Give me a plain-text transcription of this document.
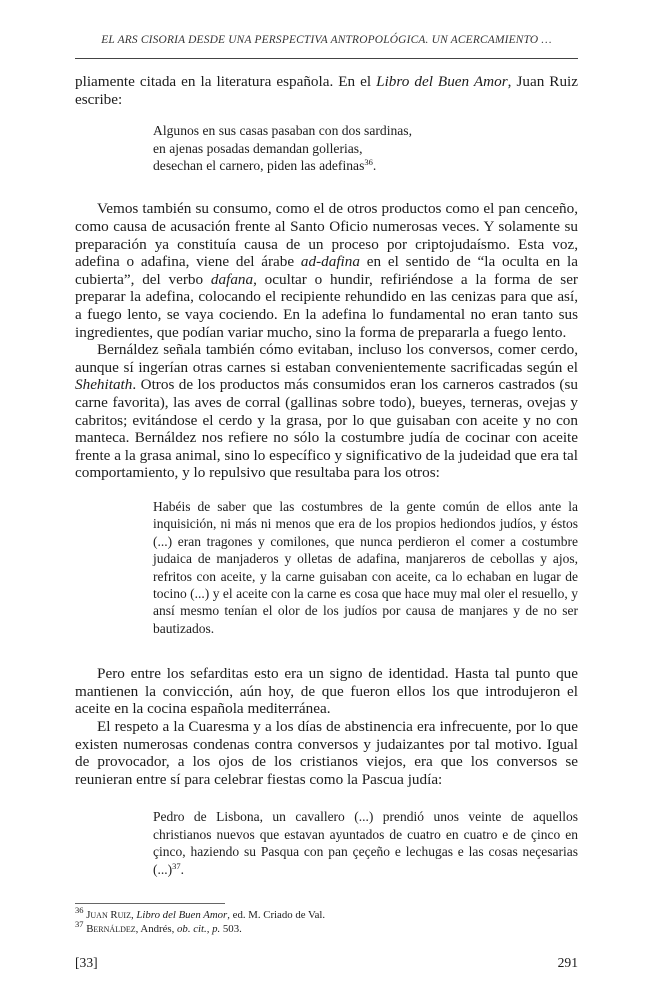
EL ARS CISORIA DESDE UNA PERSPECTIVA ANTROPOLÓGICA. UN ACERCAMIENTO …

pliamente citada en la literatura española. En el Libro del Buen Amor, Juan Ruiz escribe:

Algunos en sus casas pasaban con dos sardinas,
en ajenas posadas demandan gollerias,
desechan el carnero, piden las adefinas$^{36}$.

Vemos también su consumo, como el de otros productos como el pan cenceño, como causa de acusación frente al Santo Oficio numerosas veces. Y solamente su preparación ya constituía causa de un proceso por criptojudaísmo. Esta voz, adefina o adafina, viene del árabe ad-dafina en el sentido de “la oculta en la cubierta”, del verbo dafana, ocultar o hundir, refiriéndose a la forma de ser preparar la adefina, colocando el recipiente rehundido en las cenizas para que así, a fuego lento, se vaya cociendo. En la adefina lo fundamental no eran tanto sus ingredientes, que podían variar mucho, sino la forma de prepararla a fuego lento.

Bernáldez señala también cómo evitaban, incluso los conversos, comer cerdo, aunque sí ingerían otras carnes si estaban convenientemente sacrificadas según el Shehitath. Otros de los productos más consumidos eran los carneros castrados (su carne favorita), las aves de corral (gallinas sobre todo), bueyes, terneras, ovejas y cabritos; evitándose el cerdo y la grasa, por lo que guisaban con aceite y no con manteca. Bernáldez nos refiere no sólo la costumbre judía de cocinar con aceite frente a la grasa animal, sino lo específico y significativo de la judeidad que era tal comportamiento, y lo repulsivo que resultaba para los otros:

Habéis de saber que las costumbres de la gente común de ellos ante la inquisición, ni más ni menos que era de los propios hediondos judíos, y éstos (...) eran tragones y comilones, que nunca perdieron el comer a costumbre judaica de manjaderos y olletas de adafina, manjareros de cebollas y ajos, refritos con aceite, y la carne guisaban con aceite, ca lo echaban en lugar de tocino (...) y el aceite con la carne es cosa que hace muy mal oler el resuello, y ansí mesmo tenían el olor de los judíos por causa de manjares y de no ser bautizados.

Pero entre los sefarditas esto era un signo de identidad. Hasta tal punto que mantienen la convicción, aún hoy, de que fueron ellos los que introdujeron el aceite en la cocina española mediterránea.

El respeto a la Cuaresma y a los días de abstinencia era infrecuente, por lo que existen numerosas condenas contra conversos y judaizantes por tal motivo. Igual de provocador, a los ojos de los cristianos viejos, era que los conversos se reunieran entre sí para celebrar fiestas como la Pascua judía:

Pedro de Lisbona, un cavallero (...) prendió unos veinte de aquellos christianos nuevos que estavan ayuntados de cuatro en cuatro e de çinco en çinco, haziendo su Pasqua con pan çeçeño e lechugas e las cosas neçesarias (...)$^{37}$.
$^{36}$ Juan Ruiz, Libro del Buen Amor, ed. M. Criado de Val.
$^{37}$ Bernáldez, Andrés, ob. cit., p. 503.
[33]	291
